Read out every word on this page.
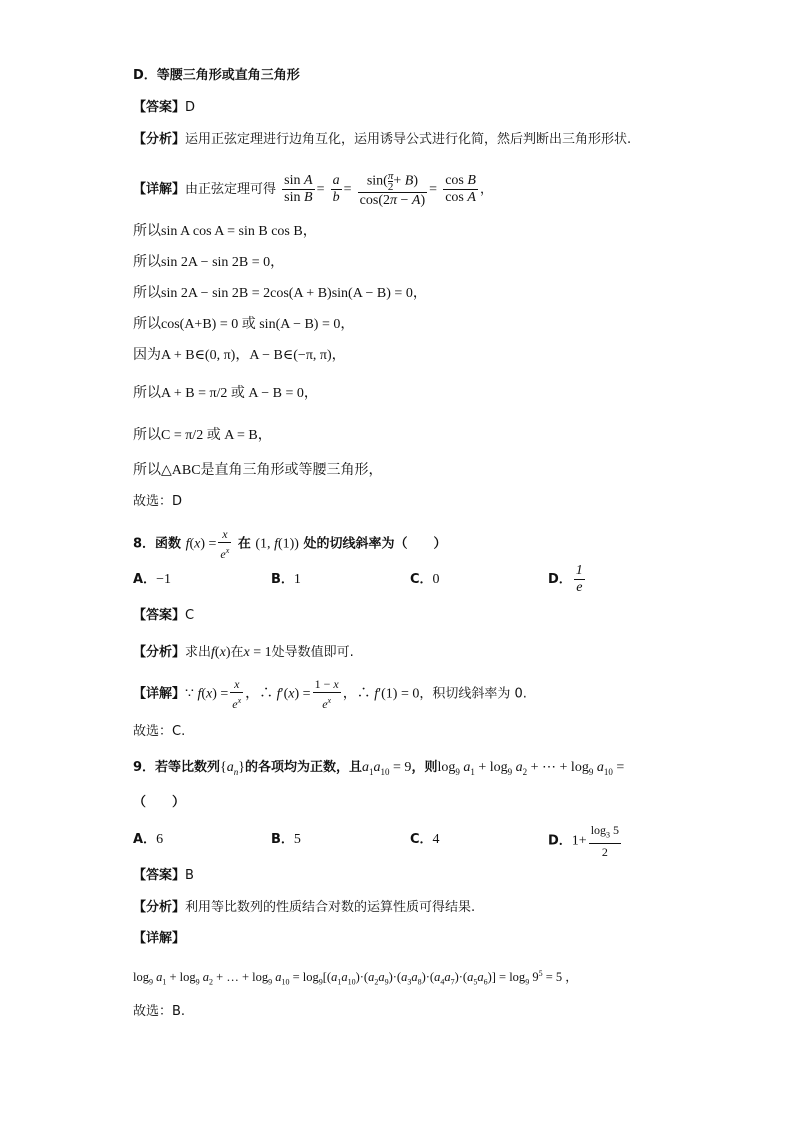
D．等腰三角形或直角三角形
【答案】D
【分析】运用正弦定理进行边角互化，运用诱导公式进行化简，然后判断出三角形形状.
【详解】由正弦定理可得 $\frac{\text{sin A}}{\text{sin B}} = \frac{a}{b} = \frac{\sin( \frac{\pi}{2} + B)}{\cos(2\pi - A)} = \frac{\text{cos B}}{\text{cos A}}$ ，
所以sin A cos A = sin B cos B，
所以sin 2A − sin 2B = 0，
所以sin 2A − sin 2B = 2cos(A + B)sin(A − B) = 0，
所以cos(A+B) = 0 或 sin(A − B) = 0，
因为A + B∈(0, π)，A − B∈(−π, π)，
所以A + B = π/2 或 A − B = 0，
所以C = π/2 或 A = B，
所以△ABC是直角三角形或等腰三角形，
故选：D
8．函数 $f(x) = \frac{x}{e^x}$ 在 (1, f(1)) 处的切线斜率为（　　）
A．−1	B．1	C．0	D． $\frac{1}{e}$
【答案】C
【分析】求出f(x)在x = 1处导数值即可.
【详解】∵ $f(x) = \frac{x}{e^x}$ ，∴ $f'(x) = \frac{1 - x}{e^x}$ ，∴ f′(1) = 0，积切线斜率为 0.
故选：C.
9．若等比数列$\{a_n\}$的各项均为正数，且$a_1a_{10} = 9$，则$\log_9 a_1 + \log_9 a_2$ + ⋯ + $\log_9 a_{10}$ =
（　　）
A．6	B．5	C．4	D．$1+ \frac{\log_3 5}{2}$
【答案】B
【分析】利用等比数列的性质结合对数的运算性质可得结果.
【详解】
$\log_9 a_1 + \log_9 a_2$ + … + $\log_9 a_{10} = \log_9[(a_1a_{10})\cdot(a_2a_9)\cdot(a_3a_8)\cdot(a_4a_7)\cdot(a_5a_6)] = \log_9 9^5 = 5$ ，
故选：B.
